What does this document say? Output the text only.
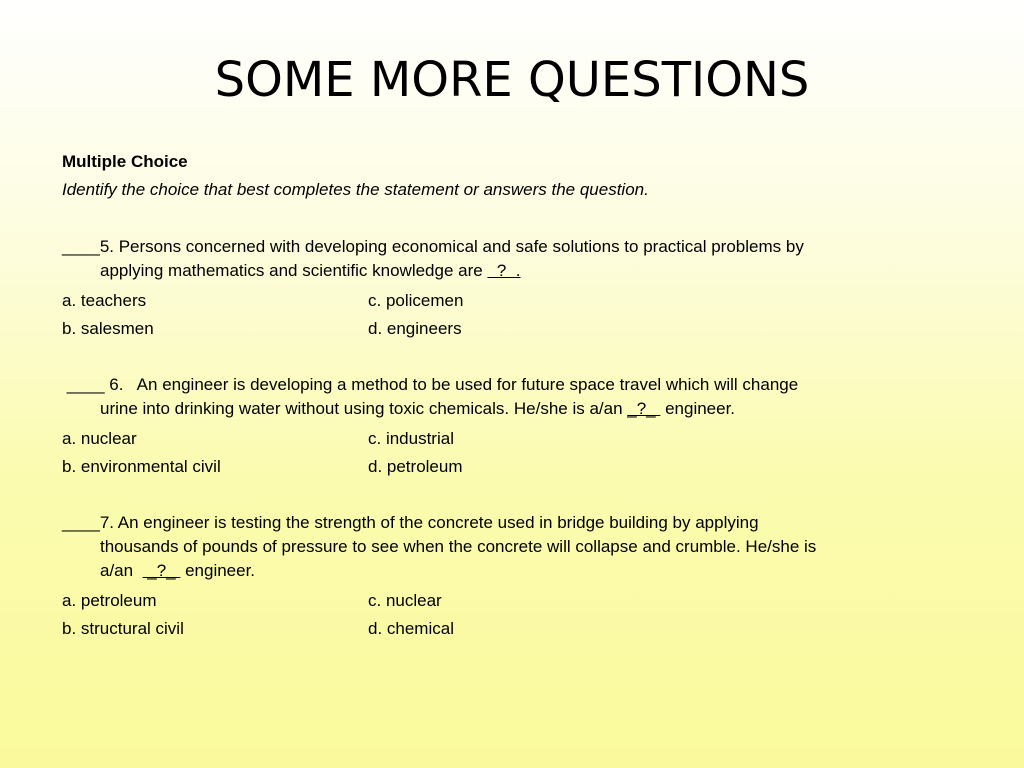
SOME MORE QUESTIONS
Multiple Choice
Identify the choice that best completes the statement or answers the question.
____5. Persons concerned with developing economical and safe solutions to practical problems by
applying mathematics and scientific knowledge are   ?  .
a. teachers	c. policemen
b. salesmen	d. engineers
____ 6.   An engineer is developing a method to be used for future space travel which will change
urine into drinking water without using toxic chemicals. He/she is a/an _?_  engineer.
a. nuclear	c. industrial
b. environmental civil	d. petroleum
____7. An engineer is testing the strength of the concrete used in bridge building by applying
thousands of pounds of pressure to see when the concrete will collapse and crumble. He/she is
a/an   _?_  engineer.
a. petroleum	c. nuclear
b. structural civil	d. chemical
